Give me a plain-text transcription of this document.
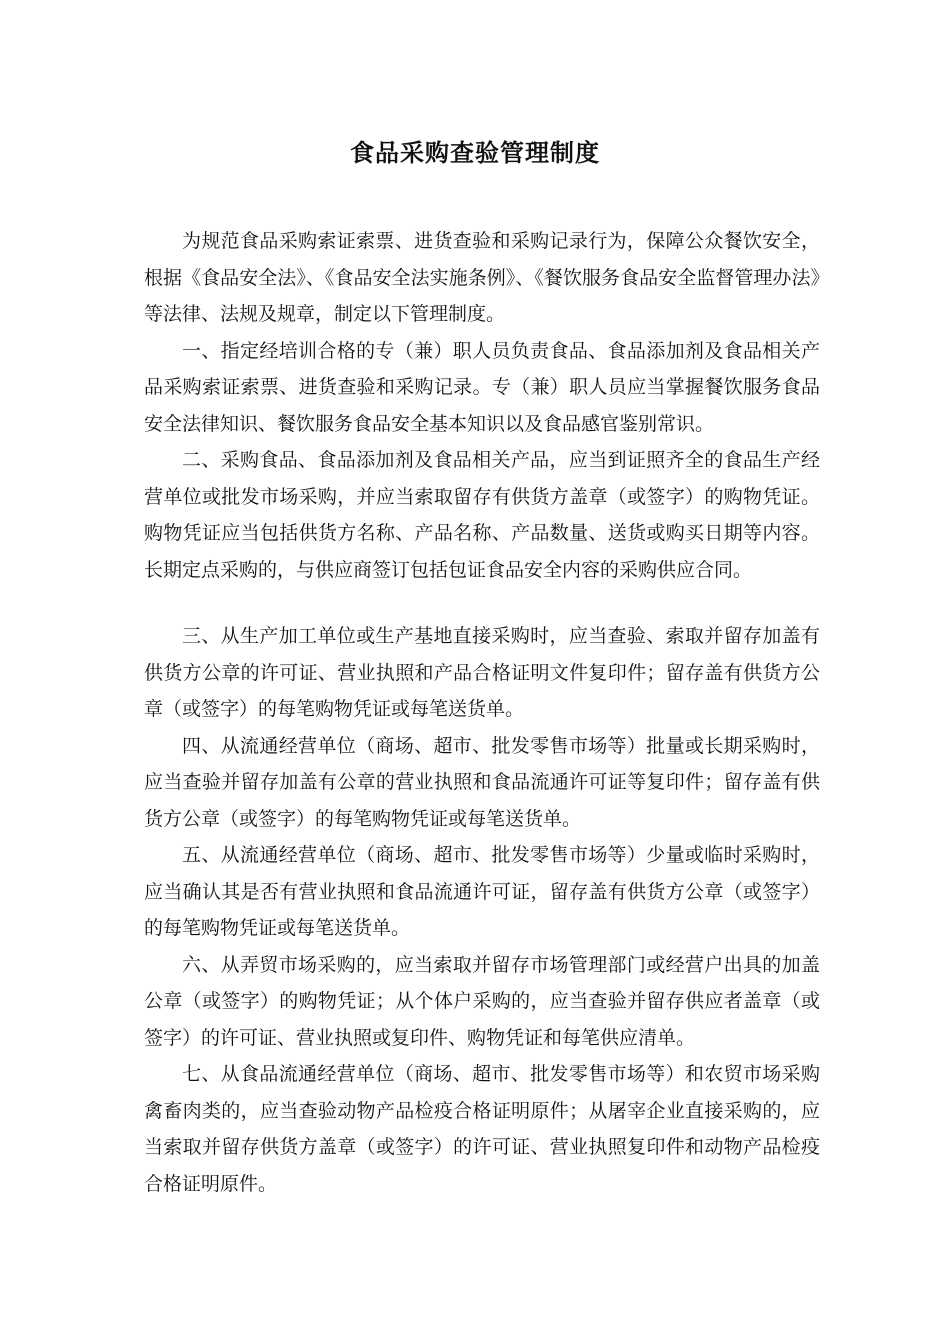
食品采购查验管理制度

为规范食品采购索证索票、进货查验和采购记录行为，保障公众餐饮安全，根据《食品安全法》、《食品安全法实施条例》、《餐饮服务食品安全监督管理办法》等法律、法规及规章，制定以下管理制度。

一、指定经培训合格的专（兼）职人员负责食品、食品添加剂及食品相关产品采购索证索票、进货查验和采购记录。专（兼）职人员应当掌握餐饮服务食品安全法律知识、餐饮服务食品安全基本知识以及食品感官鉴别常识。

二、采购食品、食品添加剂及食品相关产品，应当到证照齐全的食品生产经营单位或批发市场采购，并应当索取留存有供货方盖章（或签字）的购物凭证。购物凭证应当包括供货方名称、产品名称、产品数量、送货或购买日期等内容。长期定点采购的，与供应商签订包括包证食品安全内容的采购供应合同。

三、从生产加工单位或生产基地直接采购时，应当查验、索取并留存加盖有供货方公章的许可证、营业执照和产品合格证明文件复印件；留存盖有供货方公章（或签字）的每笔购物凭证或每笔送货单。

四、从流通经营单位（商场、超市、批发零售市场等）批量或长期采购时，应当查验并留存加盖有公章的营业执照和食品流通许可证等复印件；留存盖有供货方公章（或签字）的每笔购物凭证或每笔送货单。

五、从流通经营单位（商场、超市、批发零售市场等）少量或临时采购时，应当确认其是否有营业执照和食品流通许可证，留存盖有供货方公章（或签字）的每笔购物凭证或每笔送货单。

六、从弄贸市场采购的，应当索取并留存市场管理部门或经营户出具的加盖公章（或签字）的购物凭证；从个体户采购的，应当查验并留存供应者盖章（或签字）的许可证、营业执照或复印件、购物凭证和每笔供应清单。

七、从食品流通经营单位（商场、超市、批发零售市场等）和农贸市场采购禽畜肉类的，应当查验动物产品检疫合格证明原件；从屠宰企业直接采购的，应当索取并留存供货方盖章（或签字）的许可证、营业执照复印件和动物产品检疫合格证明原件。
